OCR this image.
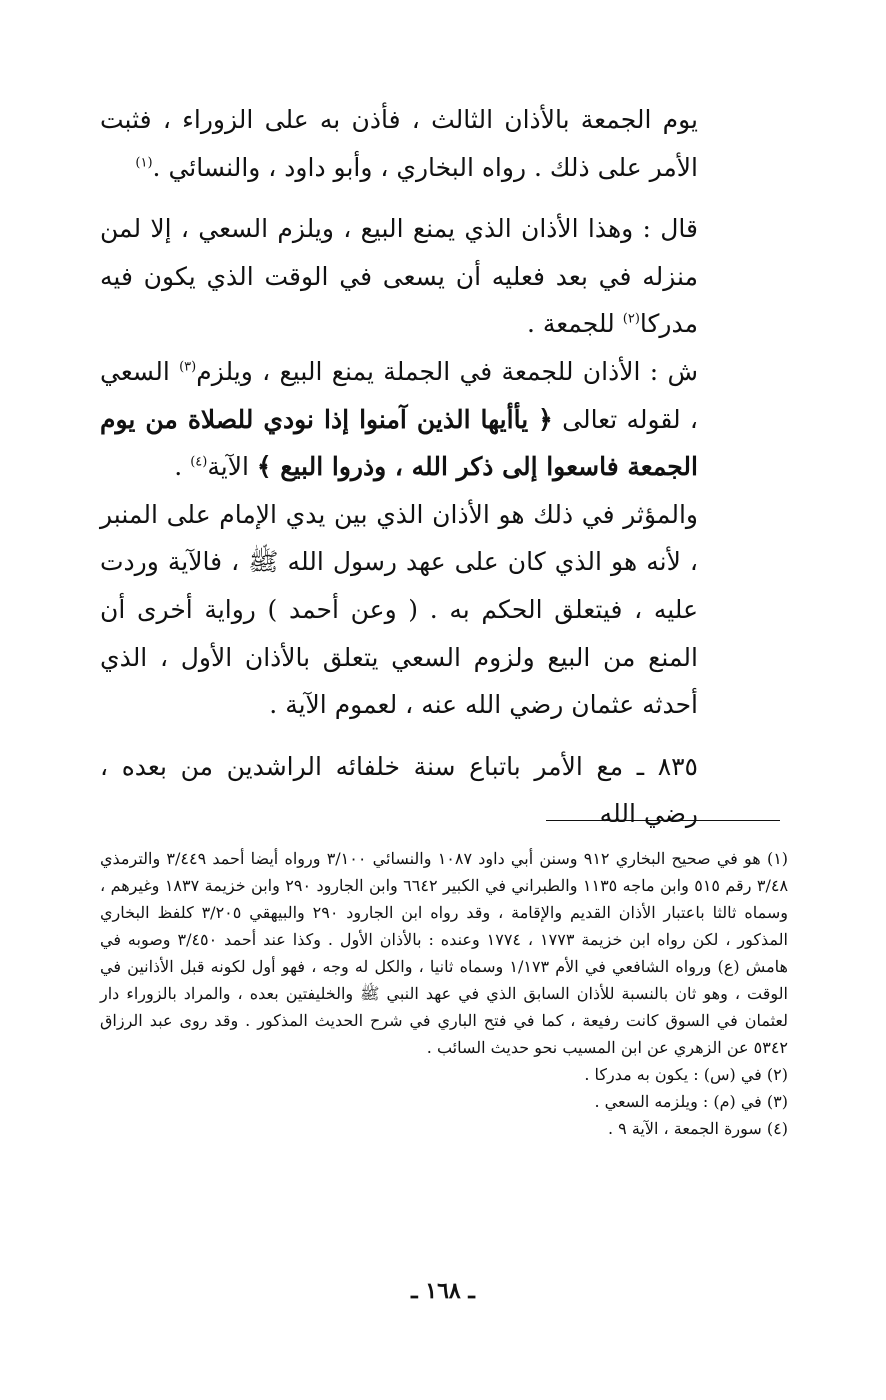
يوم الجمعة بالأذان الثالث ، فأذن به على الزوراء ، فثبت الأمر على ذلك . رواه البخاري ، وأبو داود ، والنسائي .$^{(١)}$

قال : وهذا الأذان الذي يمنع البيع ، ويلزم السعي ، إلا لمن منزله في بعد فعليه أن يسعى في الوقت الذي يكون فيه مدركا$^{(٢)}$ للجمعة .

ش : الأذان للجمعة في الجملة يمنع البيع ، ويلزم$^{(٣)}$ السعي ، لقوله تعالى ﴿ يأأيها الذين آمنوا إذا نودي للصلاة من يوم الجمعة فاسعوا إلى ذكر الله ، وذروا البيع ﴾ الآية$^{(٤)}$ .

والمؤثر في ذلك هو الأذان الذي بين يدي الإمام على المنبر ، لأنه هو الذي كان على عهد رسول الله ﷺ ، فالآية وردت عليه ، فيتعلق الحكم به . ( وعن أحمد ) رواية أخرى أن المنع من البيع ولزوم السعي يتعلق بالأذان الأول ، الذي أحدثه عثمان رضي الله عنه ، لعموم الآية .

٨٣٥ ـ مع الأمر باتباع سنة خلفائه الراشدين من بعده ، رضي الله

(١) هو في صحيح البخاري ٩١٢ وسنن أبي داود ١٠٨٧ والنسائي ٣/١٠٠ ورواه أيضا أحمد ٣/٤٤٩ والترمذي ٣/٤٨ رقم ٥١٥ وابن ماجه ١١٣٥ والطبراني في الكبير ٦٦٤٢ وابن الجارود ٢٩٠ وابن خزيمة ١٨٣٧ وغيرهم ، وسماه ثالثا باعتبار الأذان القديم والإقامة ، وقد رواه ابن الجارود ٢٩٠ والبيهقي ٣/٢٠٥ كلفظ البخاري المذكور ، لكن رواه ابن خزيمة ١٧٧٣ ، ١٧٧٤ وعنده : بالأذان الأول . وكذا عند أحمد ٣/٤٥٠ وصوبه في هامش (ع) ورواه الشافعي في الأم ١/١٧٣ وسماه ثانيا ، والكل له وجه ، فهو أول لكونه قبل الأذانين في الوقت ، وهو ثان بالنسبة للأذان السابق الذي في عهد النبي ﷺ والخليفتين بعده ، والمراد بالزوراء دار لعثمان في السوق كانت رفيعة ، كما في فتح الباري في شرح الحديث المذكور . وقد روى عبد الرزاق ٥٣٤٢ عن الزهري عن ابن المسيب نحو حديث السائب .

(٢) في (س) : يكون به مدركا .

(٣) في (م) : ويلزمه السعي .

(٤) سورة الجمعة ، الآية ٩ .

ـ ١٦٨ ـ
